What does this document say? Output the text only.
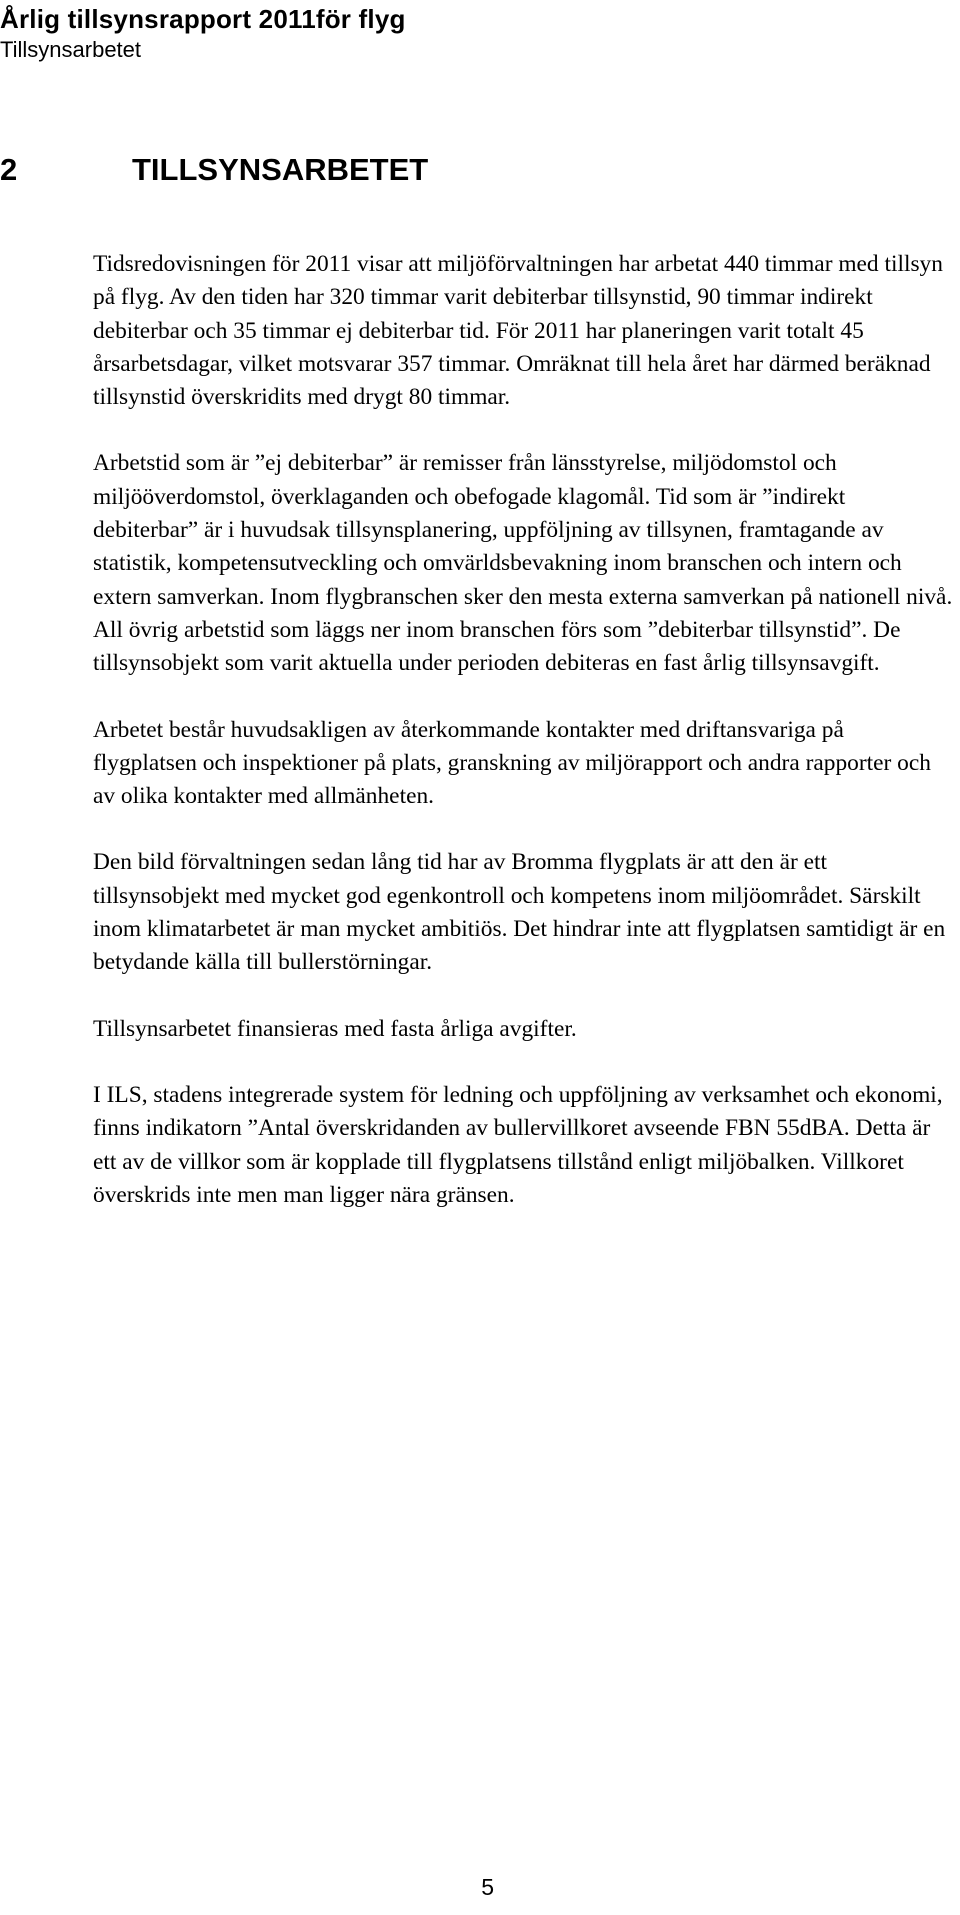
Årlig tillsynsrapport 2011för flyg
Tillsynsarbetet
2	TILLSYNSARBETET

Tidsredovisningen för 2011 visar att miljöförvaltningen har arbetat 440 timmar med tillsyn på flyg. Av den tiden har 320 timmar varit debiterbar tillsynstid, 90 timmar indirekt debiterbar och 35 timmar ej debiterbar tid. För 2011 har planeringen varit totalt 45 årsarbetsdagar, vilket motsvarar 357 timmar. Omräknat till hela året har därmed beräknad tillsynstid överskridits med drygt 80 timmar.

Arbetstid som är ”ej debiterbar” är remisser från länsstyrelse, miljödomstol och miljööverdomstol, överklaganden och obefogade klagomål. Tid som är ”indirekt debiterbar” är i huvudsak tillsynsplanering, uppföljning av tillsynen, framtagande av statistik, kompetensutveckling och omvärldsbevakning inom branschen och intern och extern samverkan. Inom flygbranschen sker den mesta externa samverkan på nationell nivå. All övrig arbetstid som läggs ner inom branschen förs som ”debiterbar tillsynstid”. De tillsynsobjekt som varit aktuella under perioden debiteras en fast årlig tillsynsavgift.

Arbetet består huvudsakligen av återkommande kontakter med driftansvariga på flygplatsen och inspektioner på plats, granskning av miljörapport och andra rapporter och av olika kontakter med allmänheten.

Den bild förvaltningen sedan lång tid har av Bromma flygplats är att den är ett tillsynsobjekt med mycket god egenkontroll och kompetens inom miljöområdet. Särskilt inom klimatarbetet är man mycket ambitiös. Det hindrar inte att flygplatsen samtidigt är en betydande källa till bullerstörningar.

Tillsynsarbetet finansieras med fasta årliga avgifter.

I ILS, stadens integrerade system för ledning och uppföljning av verksamhet och ekonomi, finns indikatorn ”Antal överskridanden av bullervillkoret avseende FBN 55dBA. Detta är ett av de villkor som är kopplade till flygplatsens tillstånd enligt miljöbalken. Villkoret överskrids inte men man ligger nära gränsen.

5
